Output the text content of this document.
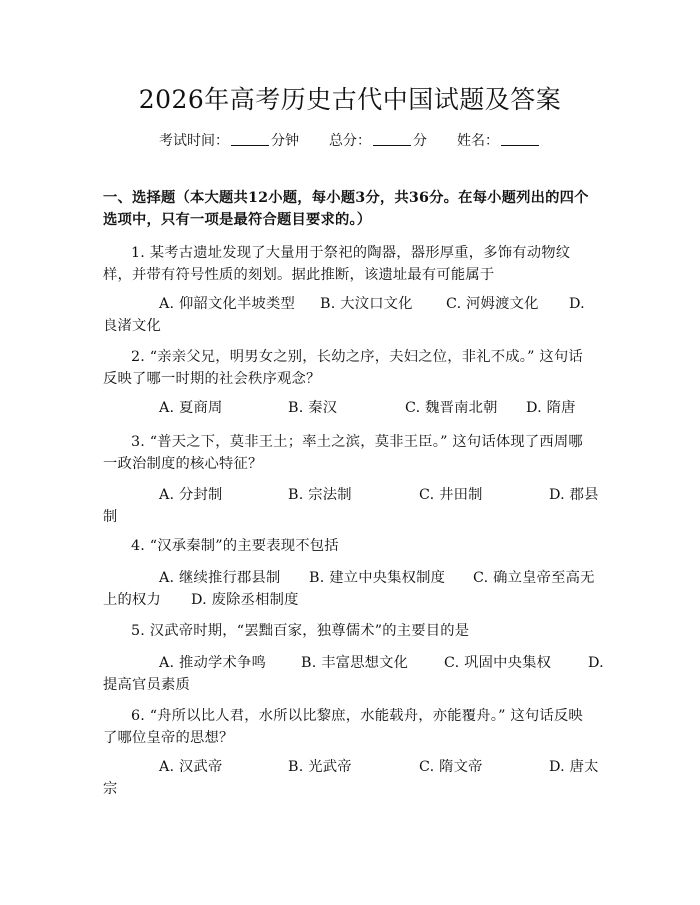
2026年高考历史古代中国试题及答案
考试时间：	分钟 总分：	分 姓名：
一、选择题（本大题共12小题，每小题3分，共36分。在每小题列出的四个选项中，只有一项是最符合题目要求的。）
1. 某考古遗址发现了大量用于祭祀的陶器，器形厚重，多饰有动物纹样，并带有符号性质的刻划。据此推断，该遗址最有可能属于

A. 仰韶文化半坡类型

B. 大汶口文化

C. 河姆渡文化

D.

良渚文化

2. “亲亲父兄，明男女之别，长幼之序，夫妇之位，非礼不成。” 这句话反映了哪一时期的社会秩序观念？

A. 夏商周

	B. 秦汉

	C. 魏晋南北朝

D. 隋唐

3. “普天之下，莫非王土；率土之滨，莫非王臣。” 这句话体现了西周哪一政治制度的核心特征？

A. 分封制

	B. 宗法制

	C. 井田制

	D. 郡县

制

4. “汉承秦制”的主要表现不包括

A. 继续推行郡县制

B. 建立中央集权制度

C. 确立皇帝至高无

上的权力

D. 废除丞相制度

5. 汉武帝时期，“罢黜百家，独尊儒术”的主要目的是

A. 推动学术争鸣

B. 丰富思想文化

	C. 巩固中央集权

	D.

提高官员素质

6. “舟所以比人君，水所以比黎庶，水能载舟，亦能覆舟。” 这句话反映了哪位皇帝的思想？

A. 汉武帝

	B. 光武帝

	C. 隋文帝

	D. 唐太

宗
